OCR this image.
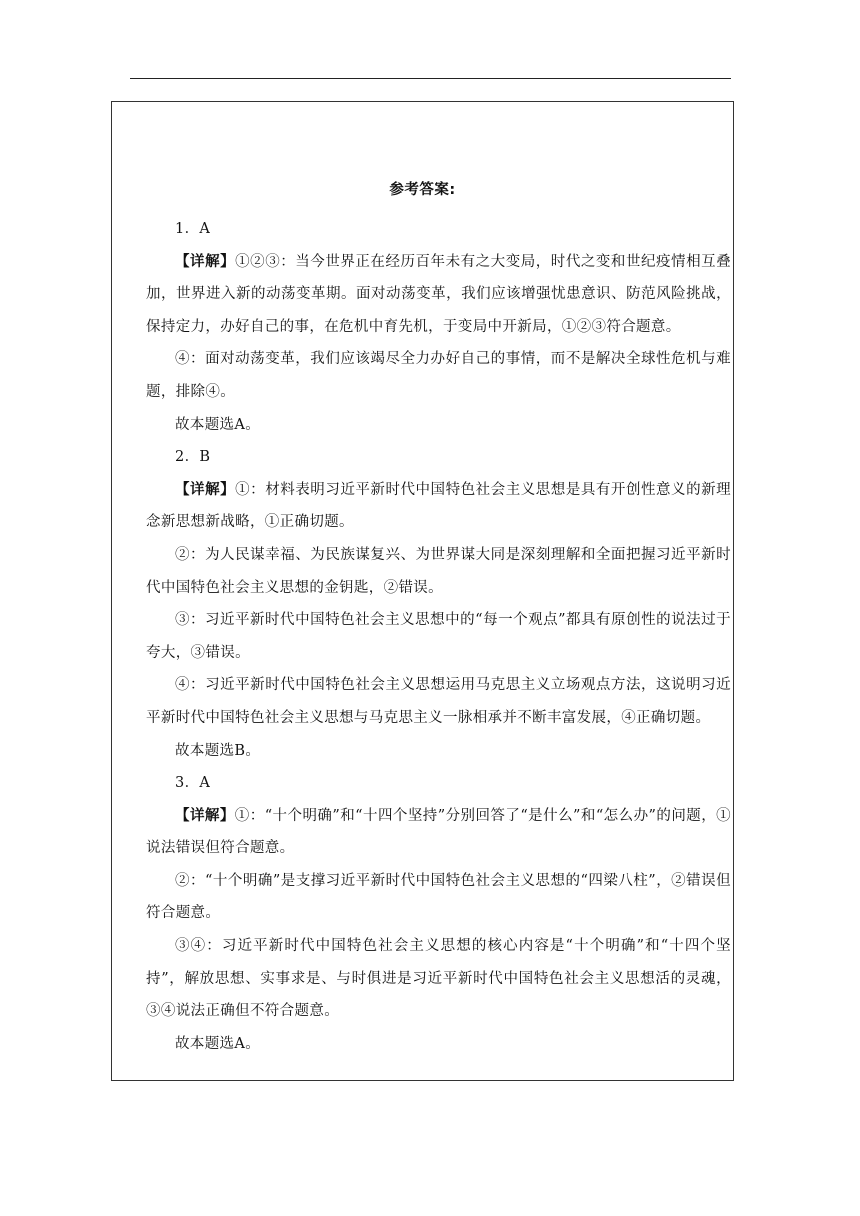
参考答案:

1．A

【详解】①②③：当今世界正在经历百年未有之大变局，时代之变和世纪疫情相互叠加，世界进入新的动荡变革期。面对动荡变革，我们应该增强忧患意识、防范风险挑战，保持定力，办好自己的事，在危机中育先机，于变局中开新局，①②③符合题意。

④：面对动荡变革，我们应该竭尽全力办好自己的事情，而不是解决全球性危机与难题，排除④。

故本题选A。

2．B

【详解】①：材料表明习近平新时代中国特色社会主义思想是具有开创性意义的新理念新思想新战略，①正确切题。

②：为人民谋幸福、为民族谋复兴、为世界谋大同是深刻理解和全面把握习近平新时代中国特色社会主义思想的金钥匙，②错误。

③：习近平新时代中国特色社会主义思想中的“每一个观点”都具有原创性的说法过于夸大，③错误。

④：习近平新时代中国特色社会主义思想运用马克思主义立场观点方法，这说明习近平新时代中国特色社会主义思想与马克思主义一脉相承并不断丰富发展，④正确切题。

故本题选B。

3．A

【详解】①：“十个明确”和“十四个坚持”分别回答了“是什么”和“怎么办”的问题，①说法错误但符合题意。

②：“十个明确”是支撑习近平新时代中国特色社会主义思想的“四梁八柱”，②错误但符合题意。

③④：习近平新时代中国特色社会主义思想的核心内容是“十个明确”和“十四个坚持”，解放思想、实事求是、与时俱进是习近平新时代中国特色社会主义思想活的灵魂，③④说法正确但不符合题意。

故本题选A。
